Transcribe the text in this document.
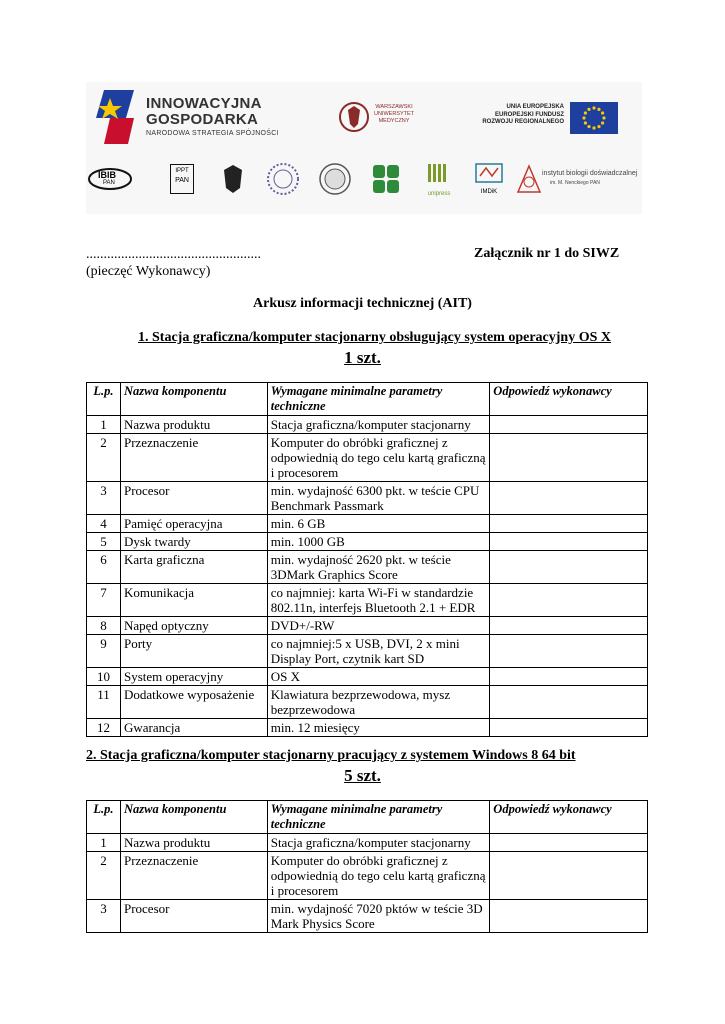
INNOWACYJNA
GOSPODARKA
NARODOWA STRATEGIA SPÓJNOŚCI
WARSZAWSKI
UNIWERSYTET
MEDYCZNY
UNIA EUROPEJSKA
EUROPEJSKI FUNDUSZ
ROZWOJU REGIONALNEGO
IBIB
PAN
IPPT
PAN
unipress	IMDiK
instytut biologii doświadczalnej
im. M. Nenckiego PAN
..................................................
(pieczęć Wykonawcy)
Załącznik nr 1 do SIWZ
Arkusz informacji technicznej (AIT)
1. Stacja graficzna/komputer stacjonarny obsługujący system operacyjny OS X
1 szt.
L.p.	Nazwa komponentu	Wymagane minimalne parametry techniczne	Odpowiedź wykonawcy
1	Nazwa produktu	Stacja graficzna/komputer stacjonarny	
2	Przeznaczenie	Komputer do obróbki graficznej z odpowiednią do tego celu kartą graficzną i procesorem	
3	Procesor	min. wydajność 6300 pkt. w teście CPU Benchmark Passmark	
4	Pamięć operacyjna	min. 6 GB	
5	Dysk twardy	min. 1000 GB	
6	Karta graficzna	min. wydajność 2620 pkt. w teście 3DMark Graphics Score	
7	Komunikacja	co najmniej: karta Wi-Fi w standardzie 802.11n, interfejs Bluetooth 2.1 + EDR	
8	Napęd optyczny	DVD+/-RW	
9	Porty	co najmniej:5 x USB, DVI, 2 x mini Display Port, czytnik kart SD	
10	System operacyjny	OS X	
11	Dodatkowe wyposażenie	Klawiatura bezprzewodowa, mysz bezprzewodowa	
12	Gwarancja	min. 12 miesięcy	
2. Stacja graficzna/komputer stacjonarny pracujący z systemem Windows 8 64 bit
5 szt.
L.p.	Nazwa komponentu	Wymagane minimalne parametry techniczne	Odpowiedź wykonawcy
1	Nazwa produktu	Stacja graficzna/komputer stacjonarny	
2	Przeznaczenie	Komputer do obróbki graficznej z odpowiednią do tego celu kartą graficzną i procesorem	
3	Procesor	min. wydajność 7020 pktów w teście 3D Mark Physics Score	
